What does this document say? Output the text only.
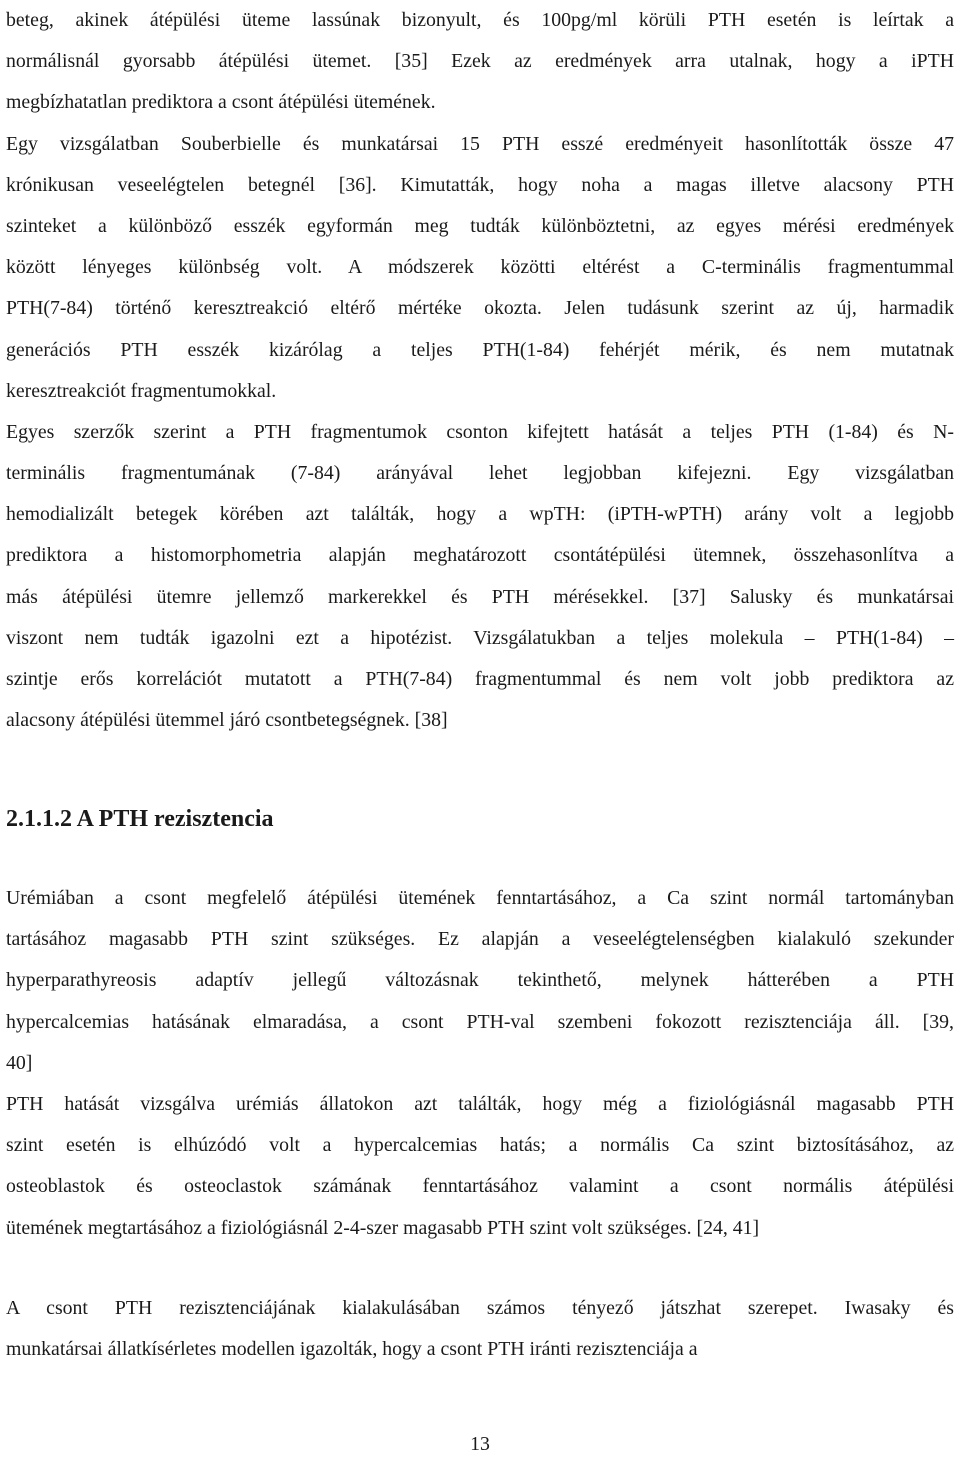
beteg, akinek átépülési üteme lassúnak bizonyult, és 100pg/ml körüli PTH esetén is leírtak a
normálisnál gyorsabb átépülési ütemet. [35] Ezek az eredmények arra utalnak, hogy a iPTH
megbízhatatlan prediktora a csont átépülési ütemének.
Egy vizsgálatban Souberbielle és munkatársai 15 PTH esszé eredményeit hasonlították össze 47
krónikusan veseelégtelen betegnél [36]. Kimutatták, hogy noha a magas illetve alacsony PTH
szinteket a különböző esszék egyformán meg tudták különböztetni, az egyes mérési eredmények
között lényeges különbség volt. A módszerek közötti eltérést a C-terminális fragmentummal
PTH(7-84) történő keresztreakció eltérő mértéke okozta. Jelen tudásunk szerint az új, harmadik
generációs PTH esszék kizárólag a teljes PTH(1-84) fehérjét mérik, és nem mutatnak
keresztreakciót fragmentumokkal.
Egyes szerzők szerint a PTH fragmentumok csonton kifejtett hatását a teljes PTH (1-84) és N-
terminális fragmentumának (7-84) arányával lehet legjobban kifejezni. Egy vizsgálatban
hemodializált betegek körében azt találták, hogy a wpTH: (iPTH-wPTH) arány volt a legjobb
prediktora a histomorphometria alapján meghatározott csontátépülési ütemnek, összehasonlítva a
más átépülési ütemre jellemző markerekkel és PTH mérésekkel. [37] Salusky és munkatársai
viszont nem tudták igazolni ezt a hipotézist. Vizsgálatukban a teljes molekula – PTH(1-84) –
szintje erős korrelációt mutatott a PTH(7-84) fragmentummal és nem volt jobb prediktora az
alacsony átépülési ütemmel járó csontbetegségnek. [38]
2.1.1.2 A PTH rezisztencia
Urémiában a csont megfelelő átépülési ütemének fenntartásához, a Ca szint normál tartományban
tartásához magasabb PTH szint szükséges. Ez alapján a veseelégtelenségben kialakuló szekunder
hyperparathyreosis adaptív jellegű változásnak tekinthető, melynek hátterében a PTH
hypercalcemias hatásának elmaradása, a csont PTH-val szembeni fokozott rezisztenciája áll. [39,
40]
PTH hatását vizsgálva urémiás állatokon azt találták, hogy még a fiziológiásnál magasabb PTH
szint esetén is elhúzódó volt a hypercalcemias hatás; a normális Ca szint biztosításához, az
osteoblastok és osteoclastok számának fenntartásához valamint a csont normális átépülési
ütemének megtartásához a fiziológiásnál 2-4-szer magasabb PTH szint volt szükséges. [24, 41]
A csont PTH rezisztenciájának kialakulásában számos tényező játszhat szerepet. Iwasaky és
munkatársai állatkísérletes modellen igazolták, hogy a csont PTH iránti rezisztenciája a
13
